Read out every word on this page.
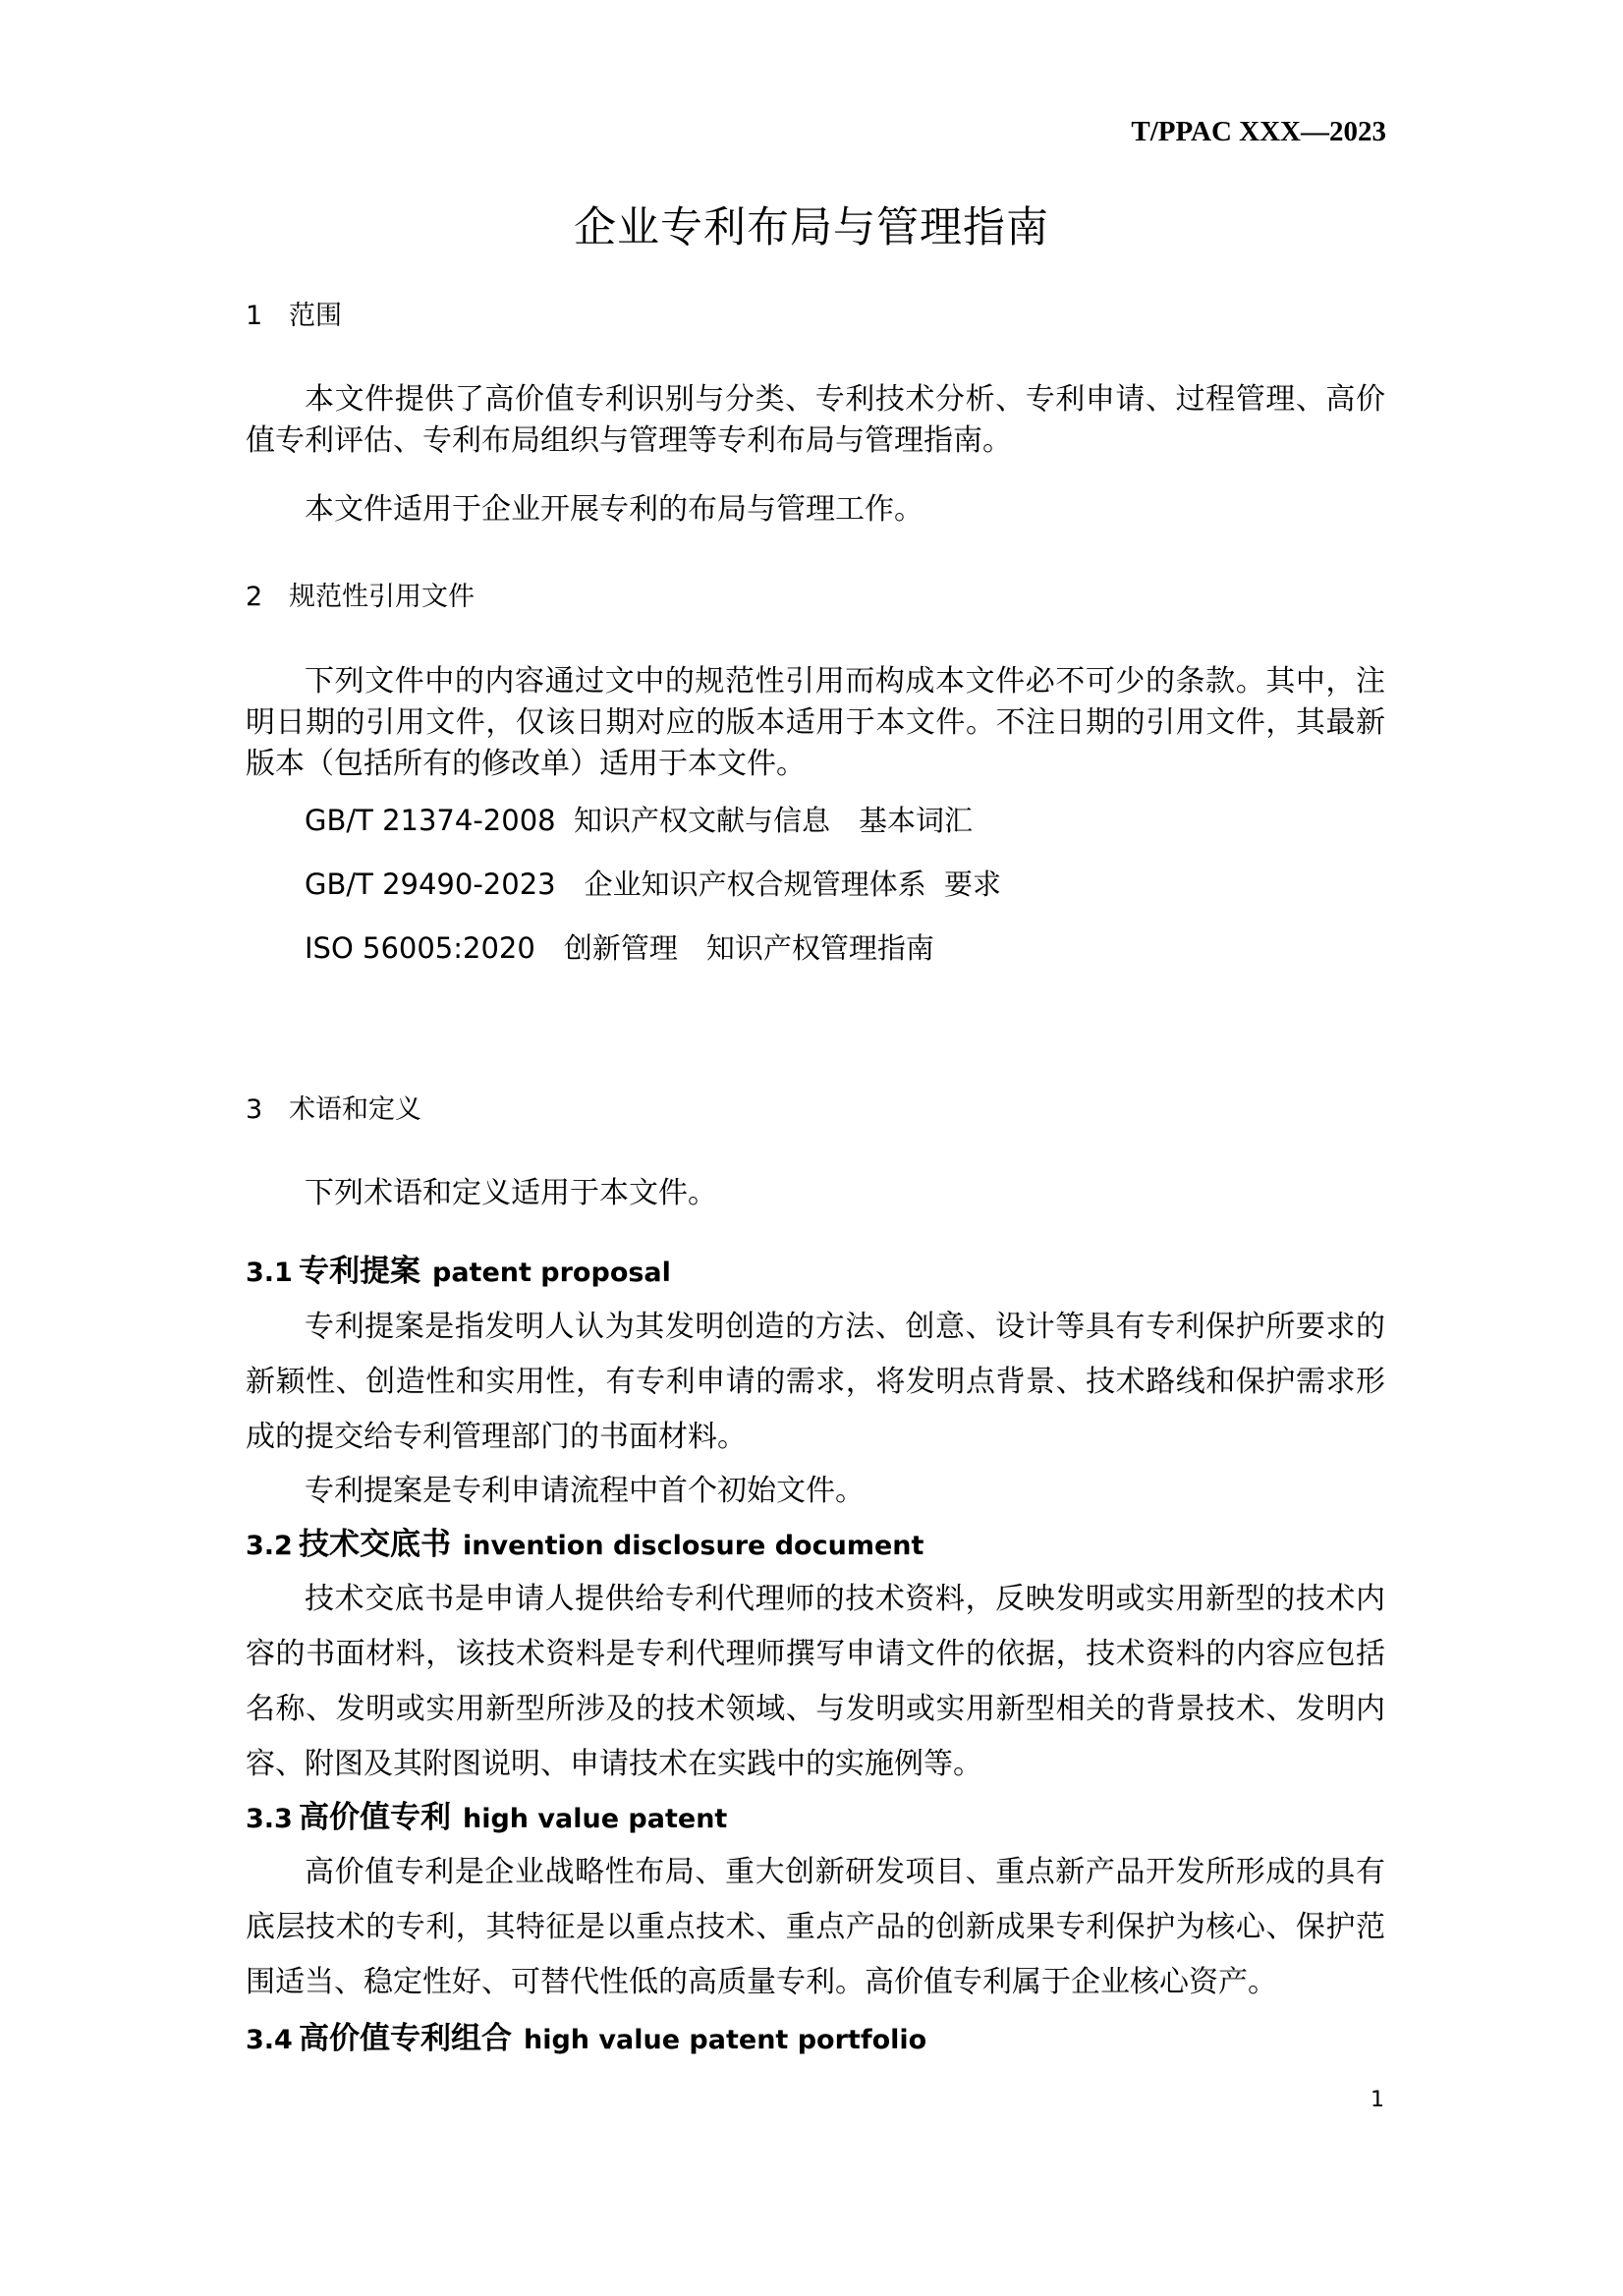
T/PPAC XXX—2023
企业专利布局与管理指南
1 范围

本文件提供了高价值专利识别与分类、专利技术分析、专利申请、过程管理、高价值专利评估、专利布局组织与管理等专利布局与管理指南。

本文件适用于企业开展专利的布局与管理工作。

2 规范性引用文件

下列文件中的内容通过文中的规范性引用而构成本文件必不可少的条款。其中，注明日期的引用文件，仅该日期对应的版本适用于本文件。不注日期的引用文件，其最新版本（包括所有的修改单）适用于本文件。

GB/T 21374-2008  知识产权文献与信息　基本词汇
GB/T 29490-2023　企业知识产权合规管理体系  要求
ISO 56005:2020　创新管理　知识产权管理指南
3 术语和定义

下列术语和定义适用于本文件。

3.1 专利提案 patent proposal

专利提案是指发明人认为其发明创造的方法、创意、设计等具有专利保护所要求的新颖性、创造性和实用性，有专利申请的需求，将发明点背景、技术路线和保护需求形成的提交给专利管理部门的书面材料。

专利提案是专利申请流程中首个初始文件。

3.2 技术交底书 invention disclosure document

技术交底书是申请人提供给专利代理师的技术资料，反映发明或实用新型的技术内容的书面材料，该技术资料是专利代理师撰写申请文件的依据，技术资料的内容应包括名称、发明或实用新型所涉及的技术领域、与发明或实用新型相关的背景技术、发明内容、附图及其附图说明、申请技术在实践中的实施例等。

3.3 高价值专利 high value patent

高价值专利是企业战略性布局、重大创新研发项目、重点新产品开发所形成的具有底层技术的专利，其特征是以重点技术、重点产品的创新成果专利保护为核心、保护范围适当、稳定性好、可替代性低的高质量专利。高价值专利属于企业核心资产。

3.4 高价值专利组合 high value patent portfolio
1
